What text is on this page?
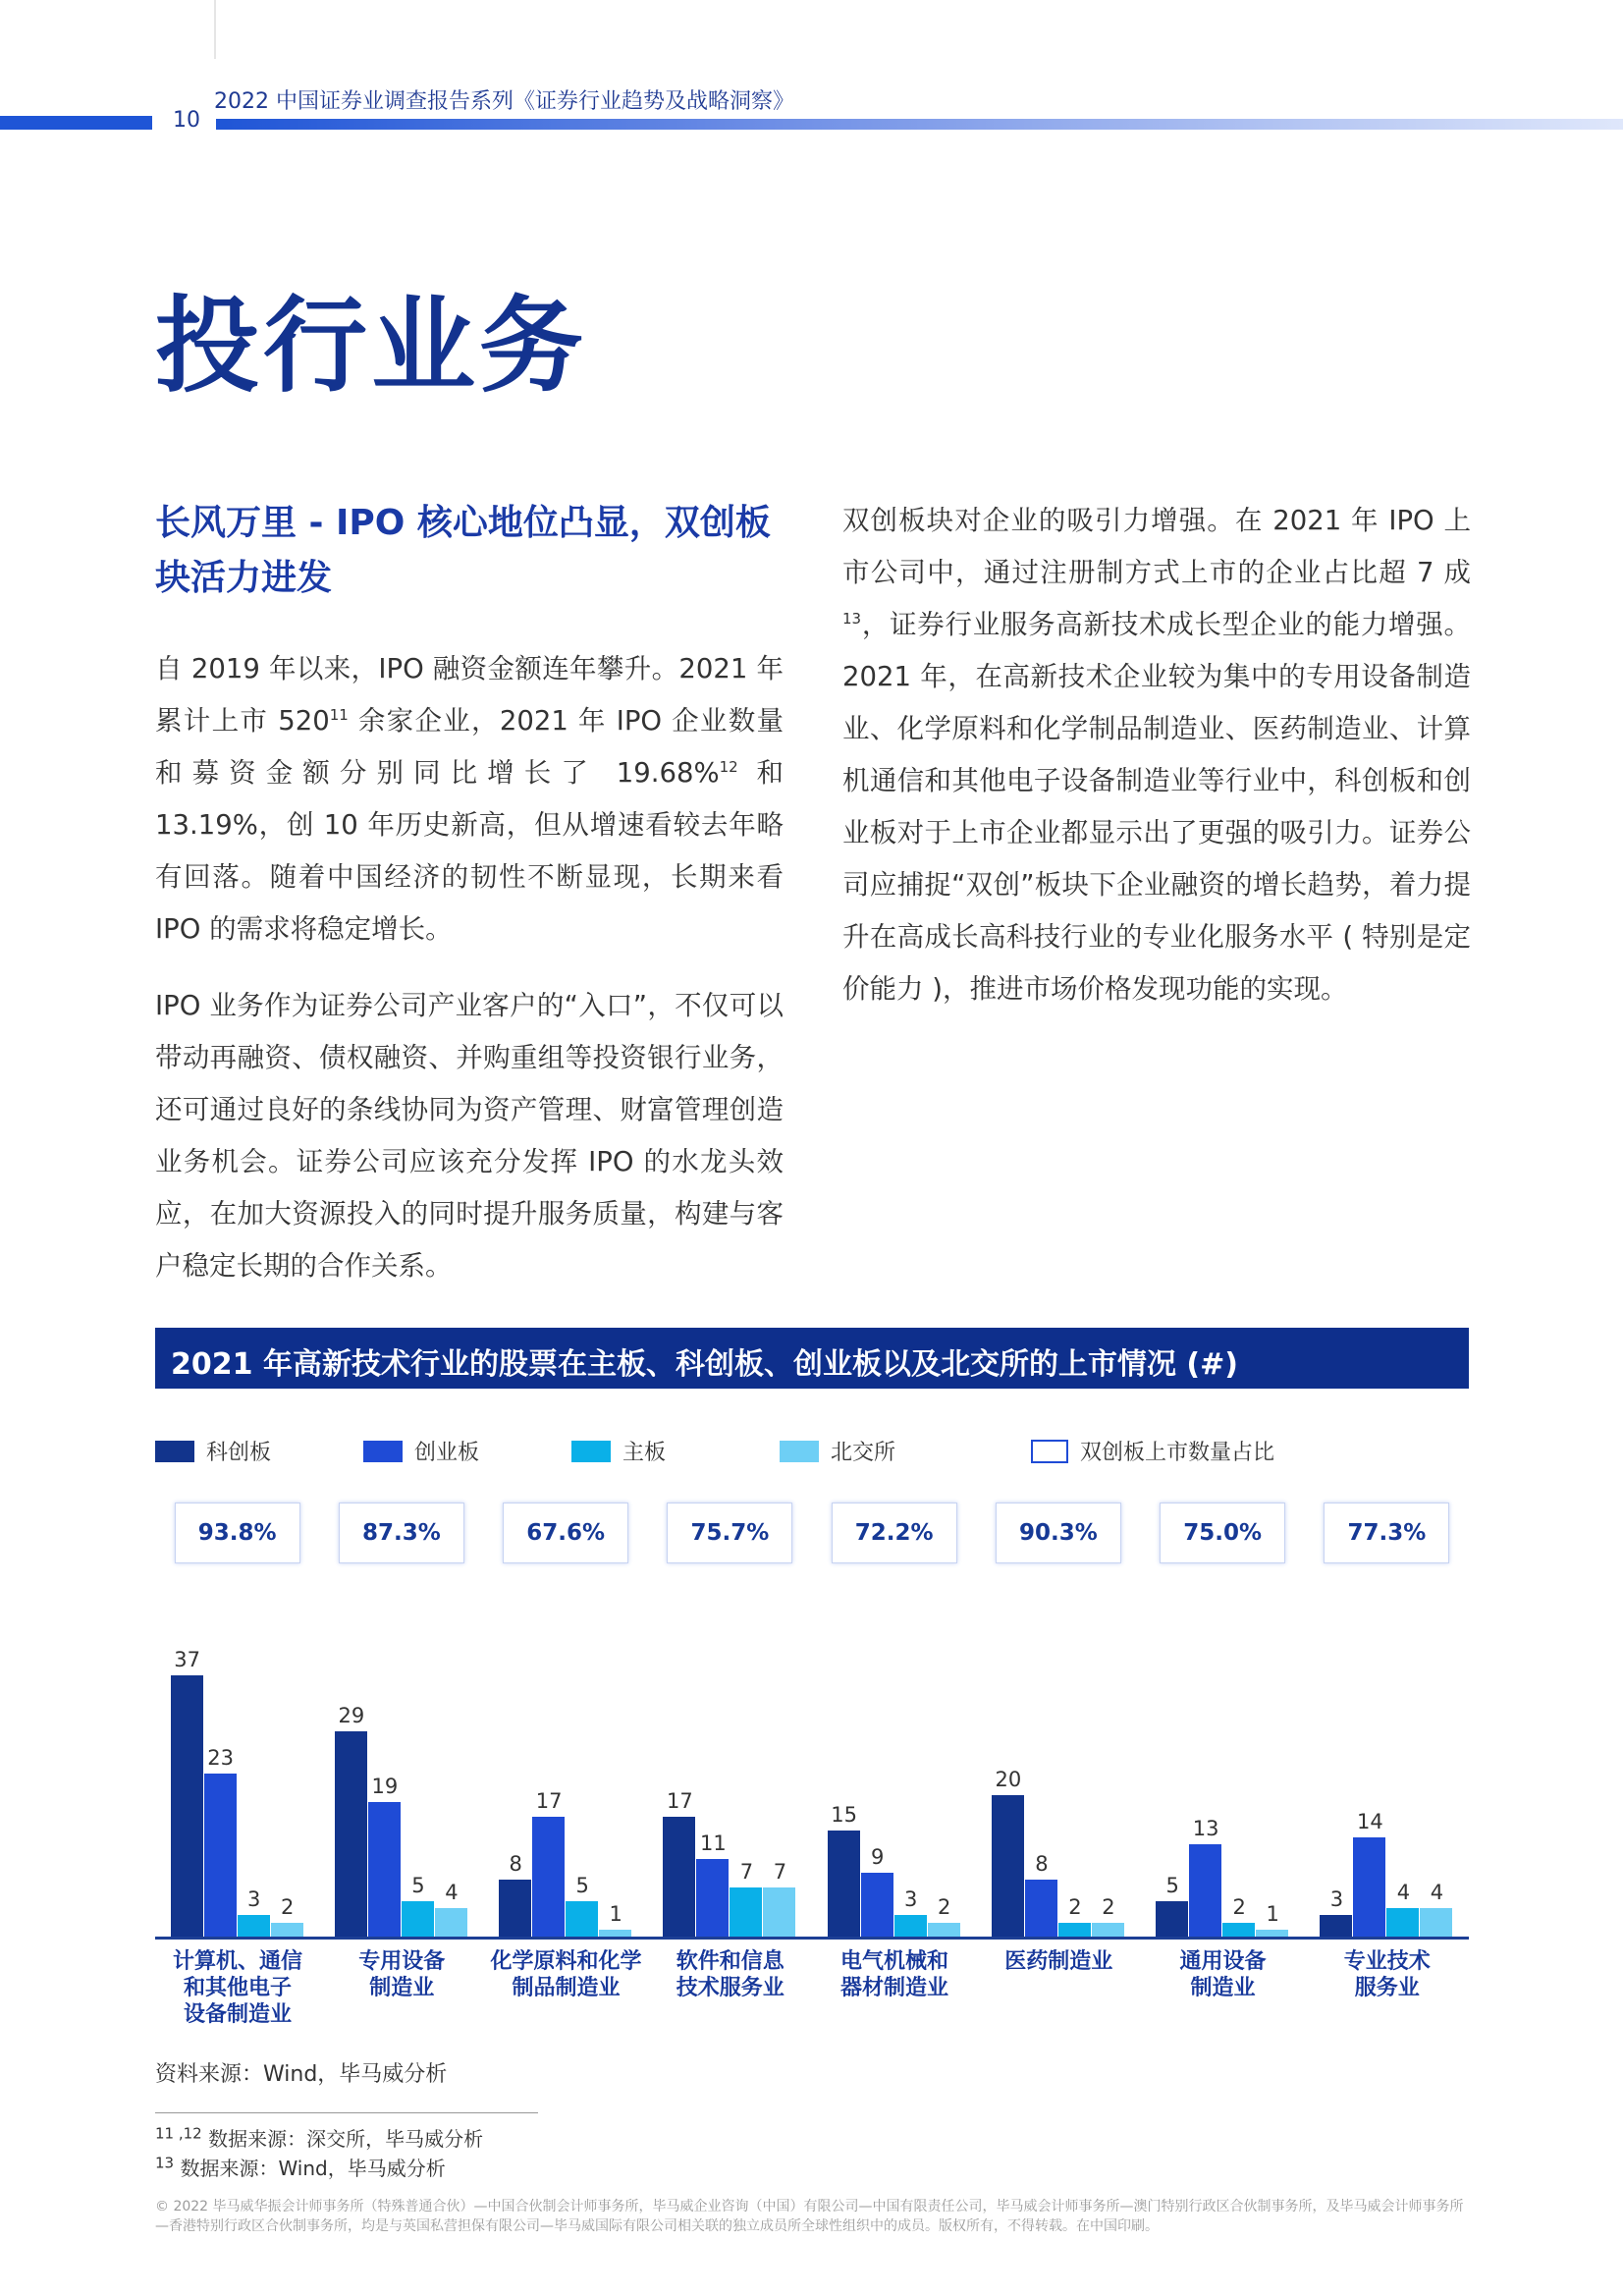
2022 中国证券业调查报告系列《证券行业趋势及战略洞察》
10
投行业务
长风万里 - IPO 核心地位凸显，双创板块活力进发
自 2019 年以来，IPO 融资金额连年攀升。2021 年累计上市 $520^{11}$ 余家企业，2021 年 IPO 企业数量和募资金额分别同比增长了 19.68%$^{12}$ 和 13.19%，创 10 年历史新高，但从增速看较去年略有回落。随着中国经济的韧性不断显现，长期来看 IPO 的需求将稳定增长。
IPO 业务作为证券公司产业客户的“入口”，不仅可以带动再融资、债权融资、并购重组等投资银行业务，还可通过良好的条线协同为资产管理、财富管理创造业务机会。证券公司应该充分发挥 IPO 的水龙头效应，在加大资源投入的同时提升服务质量，构建与客户稳定长期的合作关系。
双创板块对企业的吸引力增强。在 2021 年 IPO 上市公司中，通过注册制方式上市的企业占比超 7 成$^{13}$，证券行业服务高新技术成长型企业的能力增强。2021 年，在高新技术企业较为集中的专用设备制造业、化学原料和化学制品制造业、医药制造业、计算机通信和其他电子设备制造业等行业中，科创板和创业板对于上市企业都显示出了更强的吸引力。证券公司应捕捉“双创”板块下企业融资的增长趋势，着力提升在高成长高科技行业的专业化服务水平 ( 特别是定价能力 )，推进市场价格发现功能的实现。
2021 年高新技术行业的股票在主板、科创板、创业板以及北交所的上市情况 (#)
科创板	创业板	主板	北交所	双创板上市数量占比
93.8%	87.3%	67.6%	75.7%	72.2%	90.3%	75.0%	77.3%
37
23
3 2
29
19
5 4
8
17
5
1
17
11
7 7
15
9
3 2
20
8
2 2
5
13
2 1
3
14
4 4
计算机、通信
和其他电子
设备制造业
专用设备
制造业
化学原料和化学
制品制造业
软件和信息
技术服务业
电气机械和
器材制造业
医药制造业	通用设备
制造业
专业技术
服务业
资料来源：Wind，毕马威分析
$^{11 ,12}$ 数据来源：深交所，毕马威分析
$^{13}$ 数据来源：Wind，毕马威分析
© 2022 毕马威华振会计师事务所（特殊普通合伙）—中国合伙制会计师事务所，毕马威企业咨询（中国）有限公司—中国有限责任公司，毕马威会计师事务所—澳门特别行政区合伙制事务所，及毕马威会计师事务所—香港特别行政区合伙制事务所，均是与英国私营担保有限公司—毕马威国际有限公司相关联的独立成员所全球性组织中的成员。版权所有，不得转载。在中国印刷。
